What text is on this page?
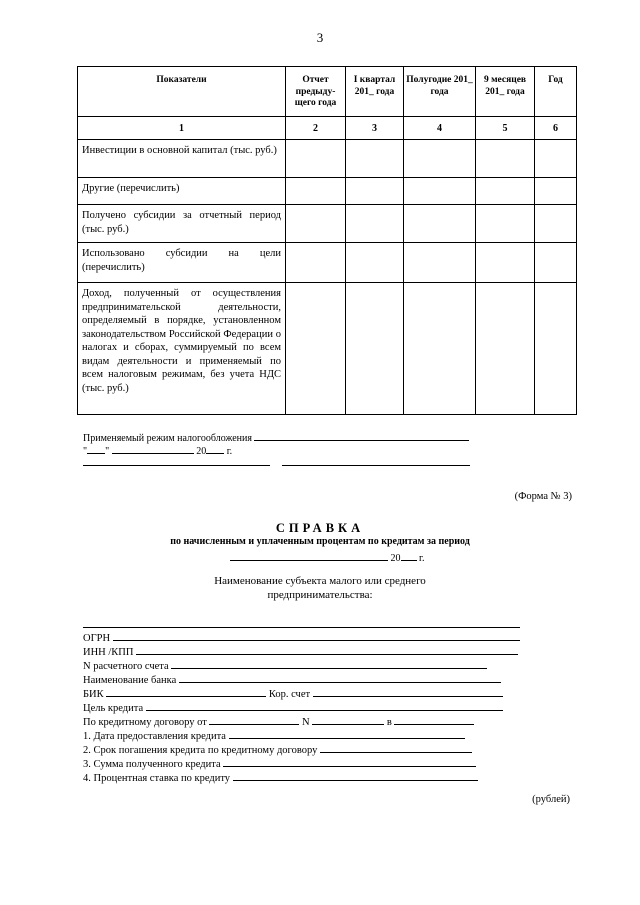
3
Показатели	Отчет предыду-щего года	I квартал 201_ года	Полугодие 201_ года	9 месяцев 201_ года	Год
1	2	3	4	5	6
Инвестиции в основной капитал (тыс. руб.)					
Другие (перечислить)					
Получено субсидии за отчетный период (тыс. руб.)					
Использовано субсидии на цели (перечислить)					
Доход, полученный от осуществления предпринимательской деятельности, определяемый в порядке, установленном законодательством Российской Федерации о налогах и сборах, суммируемый по всем видам деятельности и применяемый по всем налоговым режимам, без учета НДС (тыс. руб.)					
Применяемый режим налогообложения
" "	20 г.
(Форма № 3)
СПРАВКА
по начисленным и уплаченным процентам по кредитам за период
20 г.
Наименование субъекта малого или среднего
предпринимательства:
ОГРН
ИНН /КПП
N расчетного счета
Наименование банка
БИК	Кор. счет
Цель кредита
По кредитному договору от	N	в
1. Дата предоставления кредита
2. Срок погашения кредита по кредитному договору
3. Сумма полученного кредита
4. Процентная ставка по кредиту
(рублей)
